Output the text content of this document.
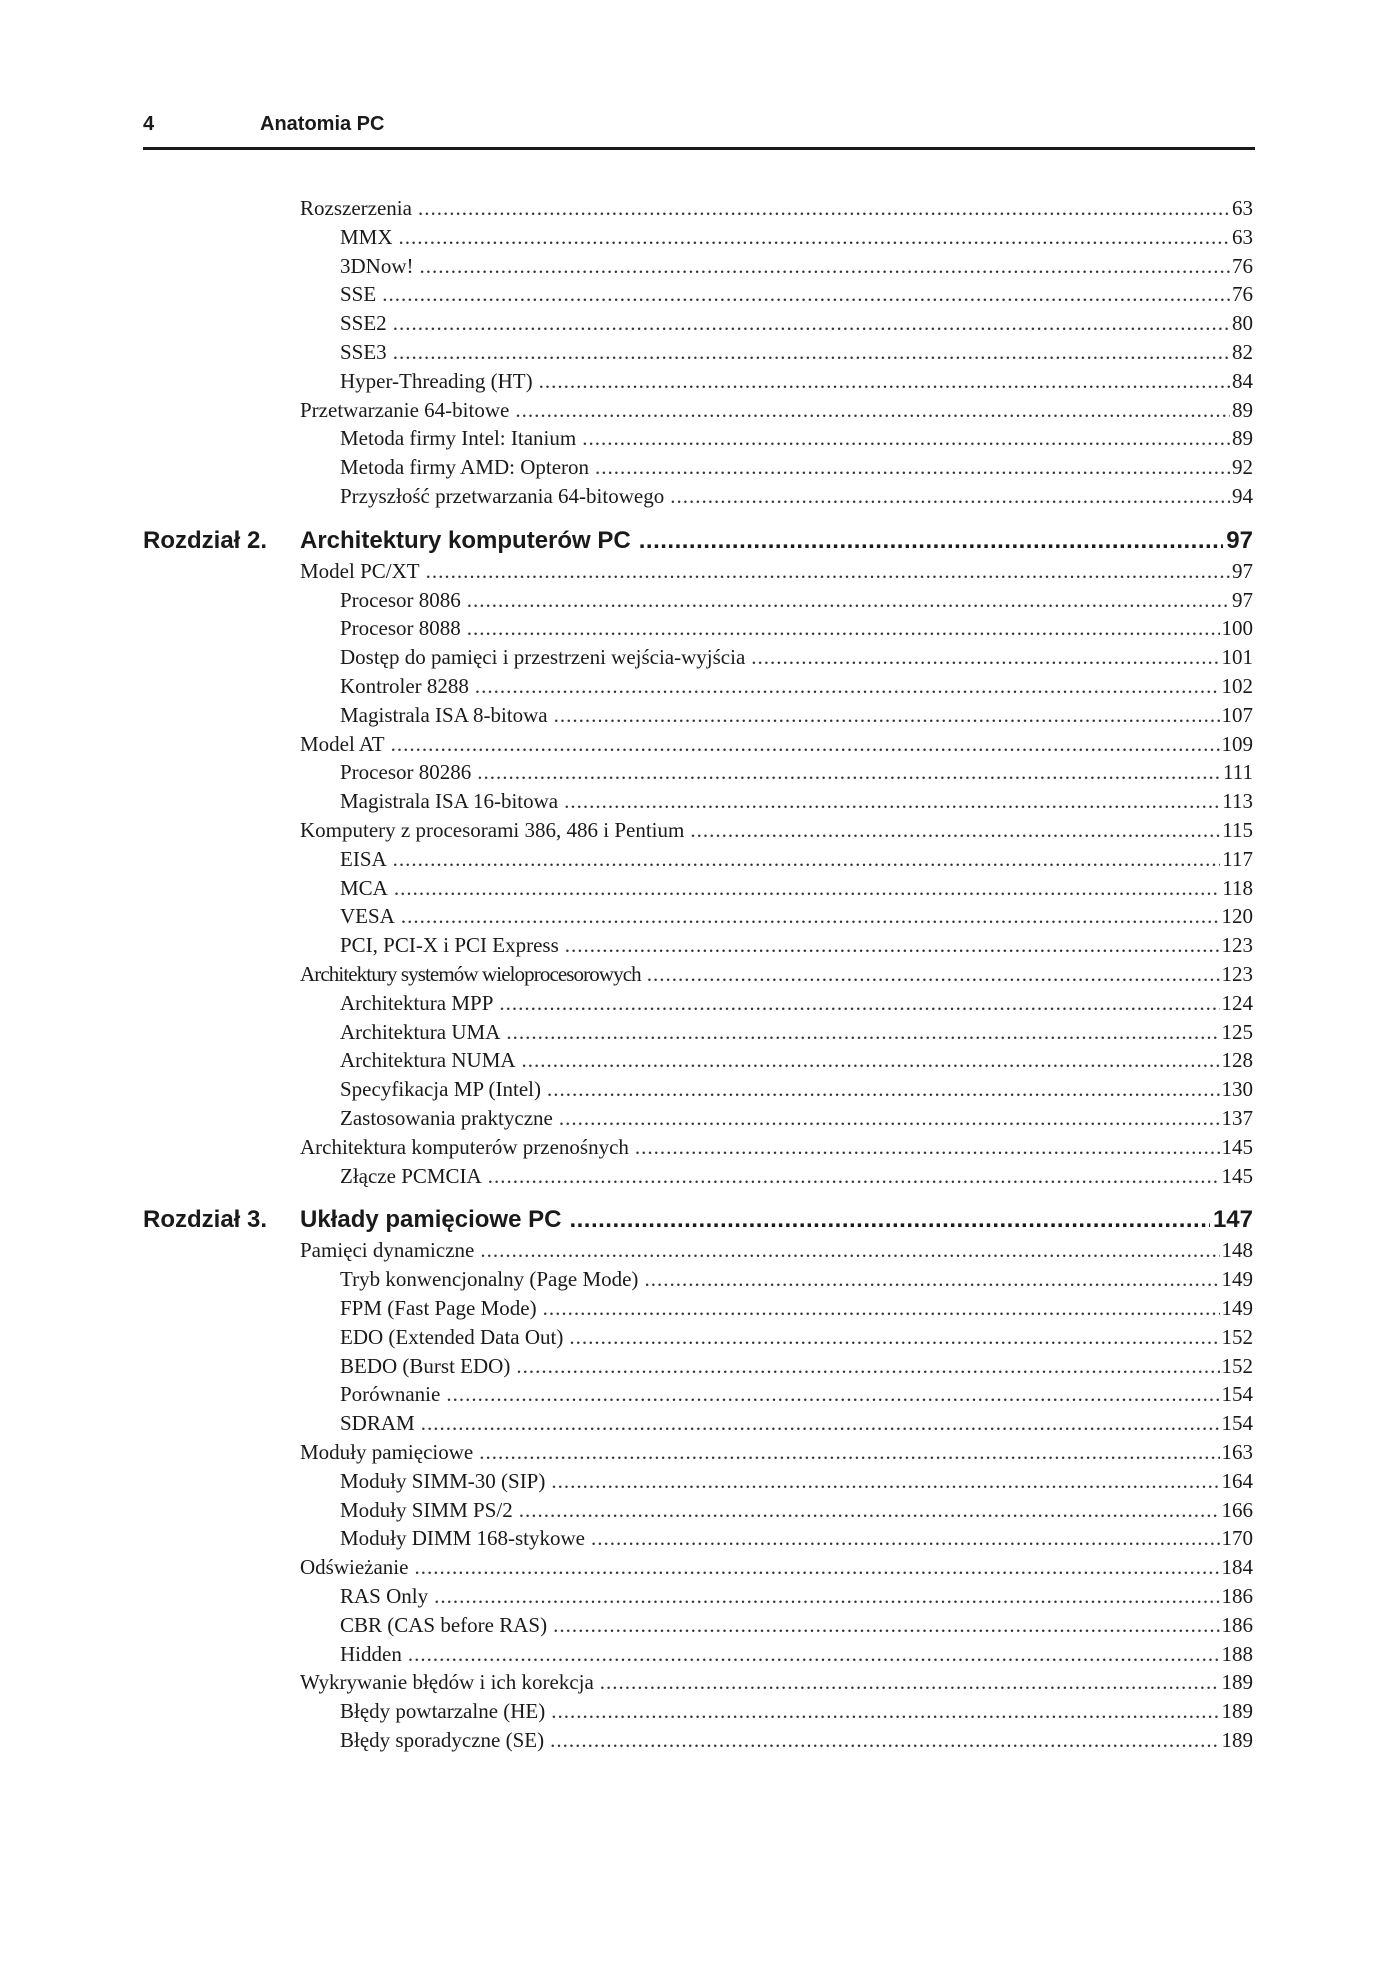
4	Anatomia PC
Rozszerzenia .....	63
MMX .....	63
3DNow! .....	76
SSE .....	76
SSE2 .....	80
SSE3 .....	82
Hyper-Threading (HT) .....	84
Przetwarzanie 64-bitowe .....	89
Metoda firmy Intel: Itanium .....	89
Metoda firmy AMD: Opteron .....	92
Przyszłość przetwarzania 64-bitowego .....	94
Rozdział 2. Architektury komputerów PC .....	97
Model PC/XT .....	97
Procesor 8086 .....	97
Procesor 8088 .....	100
Dostęp do pamięci i przestrzeni wejścia-wyjścia .....	101
Kontroler 8288 .....	102
Magistrala ISA 8-bitowa .....	107
Model AT .....	109
Procesor 80286 .....	111
Magistrala ISA 16-bitowa .....	113
Komputery z procesorami 386, 486 i Pentium .....	115
EISA .....	117
MCA .....	118
VESA .....	120
PCI, PCI-X i PCI Express .....	123
Architektury systemów wieloprocesorowych .....	123
Architektura MPP .....	124
Architektura UMA .....	125
Architektura NUMA .....	128
Specyfikacja MP (Intel) .....	130
Zastosowania praktyczne .....	137
Architektura komputerów przenośnych .....	145
Złącze PCMCIA .....	145
Rozdział 3. Układy pamięciowe PC .....	147
Pamięci dynamiczne .....	148
Tryb konwencjonalny (Page Mode) .....	149
FPM (Fast Page Mode) .....	149
EDO (Extended Data Out) .....	152
BEDO (Burst EDO) .....	152
Porównanie .....	154
SDRAM .....	154
Moduły pamięciowe .....	163
Moduły SIMM-30 (SIP) .....	164
Moduły SIMM PS/2 .....	166
Moduły DIMM 168-stykowe .....	170
Odświeżanie .....	184
RAS Only .....	186
CBR (CAS before RAS) .....	186
Hidden .....	188
Wykrywanie błędów i ich korekcja .....	189
Błędy powtarzalne (HE) .....	189
Błędy sporadyczne (SE) .....	189
